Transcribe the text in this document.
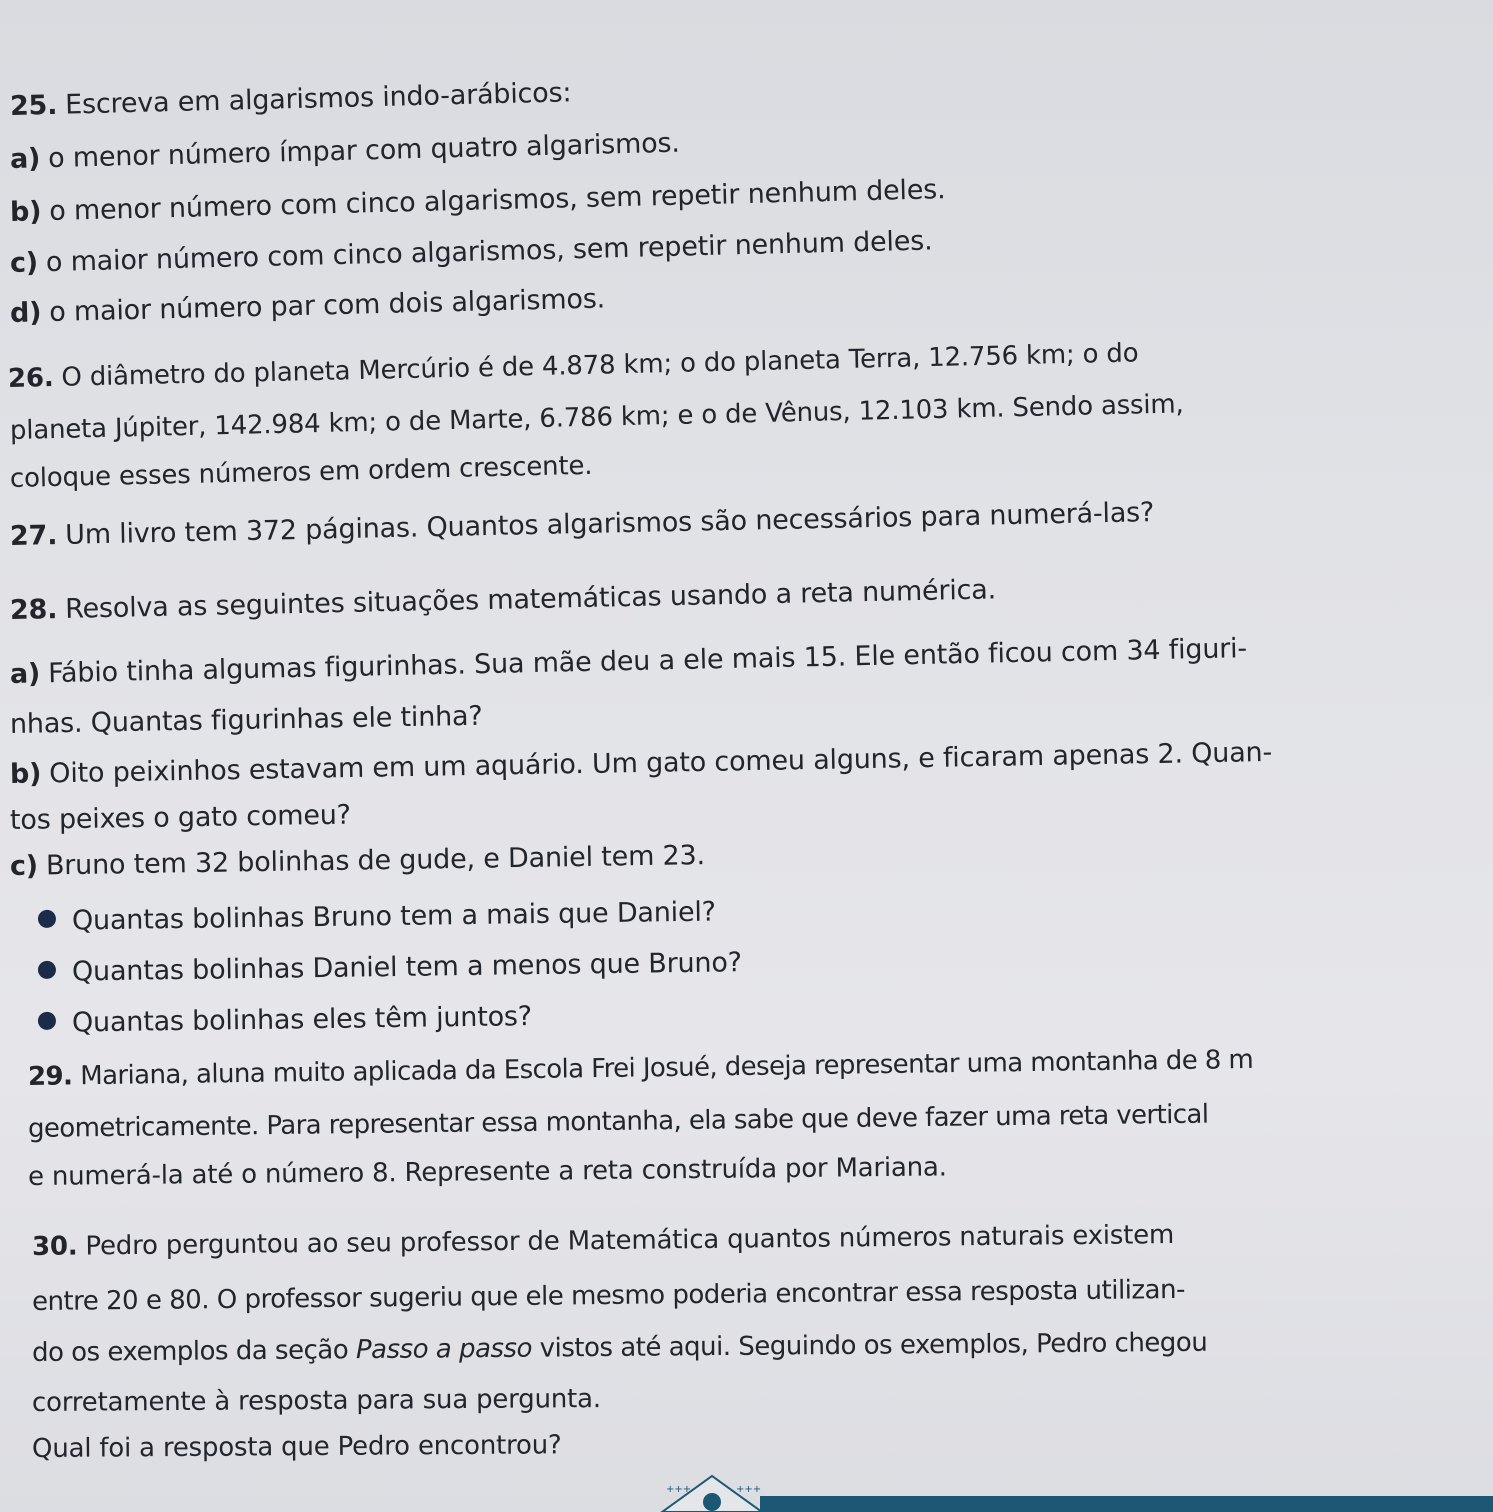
25. Escreva em algarismos indo-arábicos:
a) o menor número ímpar com quatro algarismos.
b) o menor número com cinco algarismos, sem repetir nenhum deles.
c) o maior número com cinco algarismos, sem repetir nenhum deles.
d) o maior número par com dois algarismos.
26. O diâmetro do planeta Mercúrio é de 4.878 km; o do planeta Terra, 12.756 km; o do
planeta Júpiter, 142.984 km; o de Marte, 6.786 km; e o de Vênus, 12.103 km. Sendo assim,
coloque esses números em ordem crescente.
27. Um livro tem 372 páginas. Quantos algarismos são necessários para numerá-las?
28. Resolva as seguintes situações matemáticas usando a reta numérica.
a) Fábio tinha algumas figurinhas. Sua mãe deu a ele mais 15. Ele então ficou com 34 figuri-
nhas. Quantas figurinhas ele tinha?
b) Oito peixinhos estavam em um aquário. Um gato comeu alguns, e ficaram apenas 2. Quan-
tos peixes o gato comeu?
c) Bruno tem 32 bolinhas de gude, e Daniel tem 23.
Quantas bolinhas Bruno tem a mais que Daniel?
Quantas bolinhas Daniel tem a menos que Bruno?
Quantas bolinhas eles têm juntos?
29. Mariana, aluna muito aplicada da Escola Frei Josué, deseja representar uma montanha de 8 m
geometricamente. Para representar essa montanha, ela sabe que deve fazer uma reta vertical
e numerá-la até o número 8. Represente a reta construída por Mariana.
30. Pedro perguntou ao seu professor de Matemática quantos números naturais existem
entre 20 e 80. O professor sugeriu que ele mesmo poderia encontrar essa resposta utilizan-
do os exemplos da seção Passo a passo vistos até aqui. Seguindo os exemplos, Pedro chegou
corretamente à resposta para sua pergunta.
Qual foi a resposta que Pedro encontrou?
+++	+++
